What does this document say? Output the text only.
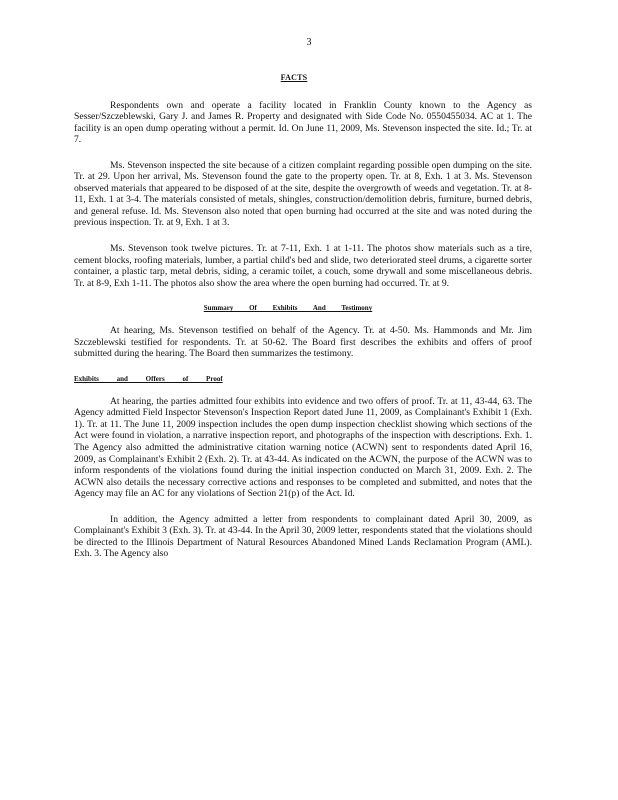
3
FACTS

Respondents own and operate a facility located in Franklin County known to the Agency as Sesser/Szczeblewski, Gary J. and James R. Property and designated with Side Code No. 0550455034. AC at 1. The facility is an open dump operating without a permit. Id. On June 11, 2009, Ms. Stevenson inspected the site. Id.; Tr. at 7.

Ms. Stevenson inspected the site because of a citizen complaint regarding possible open dumping on the site. Tr. at 29. Upon her arrival, Ms. Stevenson found the gate to the property open. Tr. at 8, Exh. 1 at 3. Ms. Stevenson observed materials that appeared to be disposed of at the site, despite the overgrowth of weeds and vegetation. Tr. at 8-11, Exh. 1 at 3-4. The materials consisted of metals, shingles, construction/demolition debris, furniture, burned debris, and general refuse. Id. Ms. Stevenson also noted that open burning had occurred at the site and was noted during the previous inspection. Tr. at 9, Exh. 1 at 3.

Ms. Stevenson took twelve pictures. Tr. at 7-11, Exh. 1 at 1-11. The photos show materials such as a tire, cement blocks, roofing materials, lumber, a partial child's bed and slide, two deteriorated steel drums, a cigarette sorter container, a plastic tarp, metal debris, siding, a ceramic toilet, a couch, some drywall and some miscellaneous debris. Tr. at 8-9, Exh 1-11. The photos also show the area where the open burning had occurred. Tr. at 9.

Summary Of Exhibits And Testimony

At hearing, Ms. Stevenson testified on behalf of the Agency. Tr. at 4-50. Ms. Hammonds and Mr. Jim Szczeblewski testified for respondents. Tr. at 50-62. The Board first describes the exhibits and offers of proof submitted during the hearing. The Board then summarizes the testimony.

Exhibits and Offers of Proof

At hearing, the parties admitted four exhibits into evidence and two offers of proof. Tr. at 11, 43-44, 63. The Agency admitted Field Inspector Stevenson's Inspection Report dated June 11, 2009, as Complainant's Exhibit 1 (Exh. 1). Tr. at 11. The June 11, 2009 inspection includes the open dump inspection checklist showing which sections of the Act were found in violation, a narrative inspection report, and photographs of the inspection with descriptions. Exh. 1. The Agency also admitted the administrative citation warning notice (ACWN) sent to respondents dated April 16, 2009, as Complainant's Exhibit 2 (Exh. 2). Tr. at 43-44. As indicated on the ACWN, the purpose of the ACWN was to inform respondents of the violations found during the initial inspection conducted on March 31, 2009. Exh. 2. The ACWN also details the necessary corrective actions and responses to be completed and submitted, and notes that the Agency may file an AC for any violations of Section 21(p) of the Act. Id.

In addition, the Agency admitted a letter from respondents to complainant dated April 30, 2009, as Complainant's Exhibit 3 (Exh. 3). Tr. at 43-44. In the April 30, 2009 letter, respondents stated that the violations should be directed to the Illinois Department of Natural Resources Abandoned Mined Lands Reclamation Program (AML). Exh. 3. The Agency also
